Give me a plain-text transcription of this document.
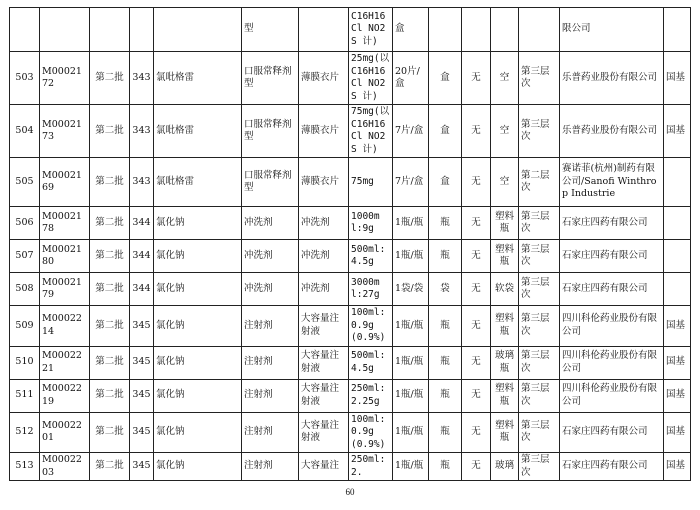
					型		C16H16Cl NO2S 计)	盒					限公司	
503	M0002172	第二批	343	氯吡格雷	口服常释剂型	薄膜衣片	25mg(以 C16H16Cl NO2S 计)	20片/盒	盒	无	空	第三层次	乐普药业股份有限公司	国基
504	M0002173	第二批	343	氯吡格雷	口服常释剂型	薄膜衣片	75mg(以 C16H16Cl NO2S 计)	7片/盒	盒	无	空	第三层次	乐普药业股份有限公司	国基
505	M0002169	第二批	343	氯吡格雷	口服常释剂型	薄膜衣片	75mg	7片/盒	盒	无	空	第二层次	赛诺菲(杭州)制药有限公司/Sanofi Winthrop Industrie	
506	M0002178	第二批	344	氯化钠	冲洗剂	冲洗剂	1000ml:9g	1瓶/瓶	瓶	无	塑料瓶	第三层次	石家庄四药有限公司	
507	M0002180	第二批	344	氯化钠	冲洗剂	冲洗剂	500ml:4.5g	1瓶/瓶	瓶	无	塑料瓶	第三层次	石家庄四药有限公司	
508	M0002179	第二批	344	氯化钠	冲洗剂	冲洗剂	3000ml:27g	1袋/袋	袋	无	软袋	第三层次	石家庄四药有限公司	
509	M0002214	第二批	345	氯化钠	注射剂	大容量注射液	100ml:0.9g(0.9%)	1瓶/瓶	瓶	无	塑料瓶	第三层次	四川科伦药业股份有限公司	国基
510	M0002221	第二批	345	氯化钠	注射剂	大容量注射液	500ml:4.5g	1瓶/瓶	瓶	无	玻璃瓶	第三层次	四川科伦药业股份有限公司	国基
511	M0002219	第二批	345	氯化钠	注射剂	大容量注射液	250ml:2.25g	1瓶/瓶	瓶	无	塑料瓶	第三层次	四川科伦药业股份有限公司	国基
512	M0002201	第二批	345	氯化钠	注射剂	大容量注射液	100ml:0.9g(0.9%)	1瓶/瓶	瓶	无	塑料瓶	第三层次	石家庄四药有限公司	国基
513	M0002203	第二批	345	氯化钠	注射剂	大容量注	250ml:2.	1瓶/瓶	瓶	无	玻璃	第三层次	石家庄四药有限公司	国基
60
